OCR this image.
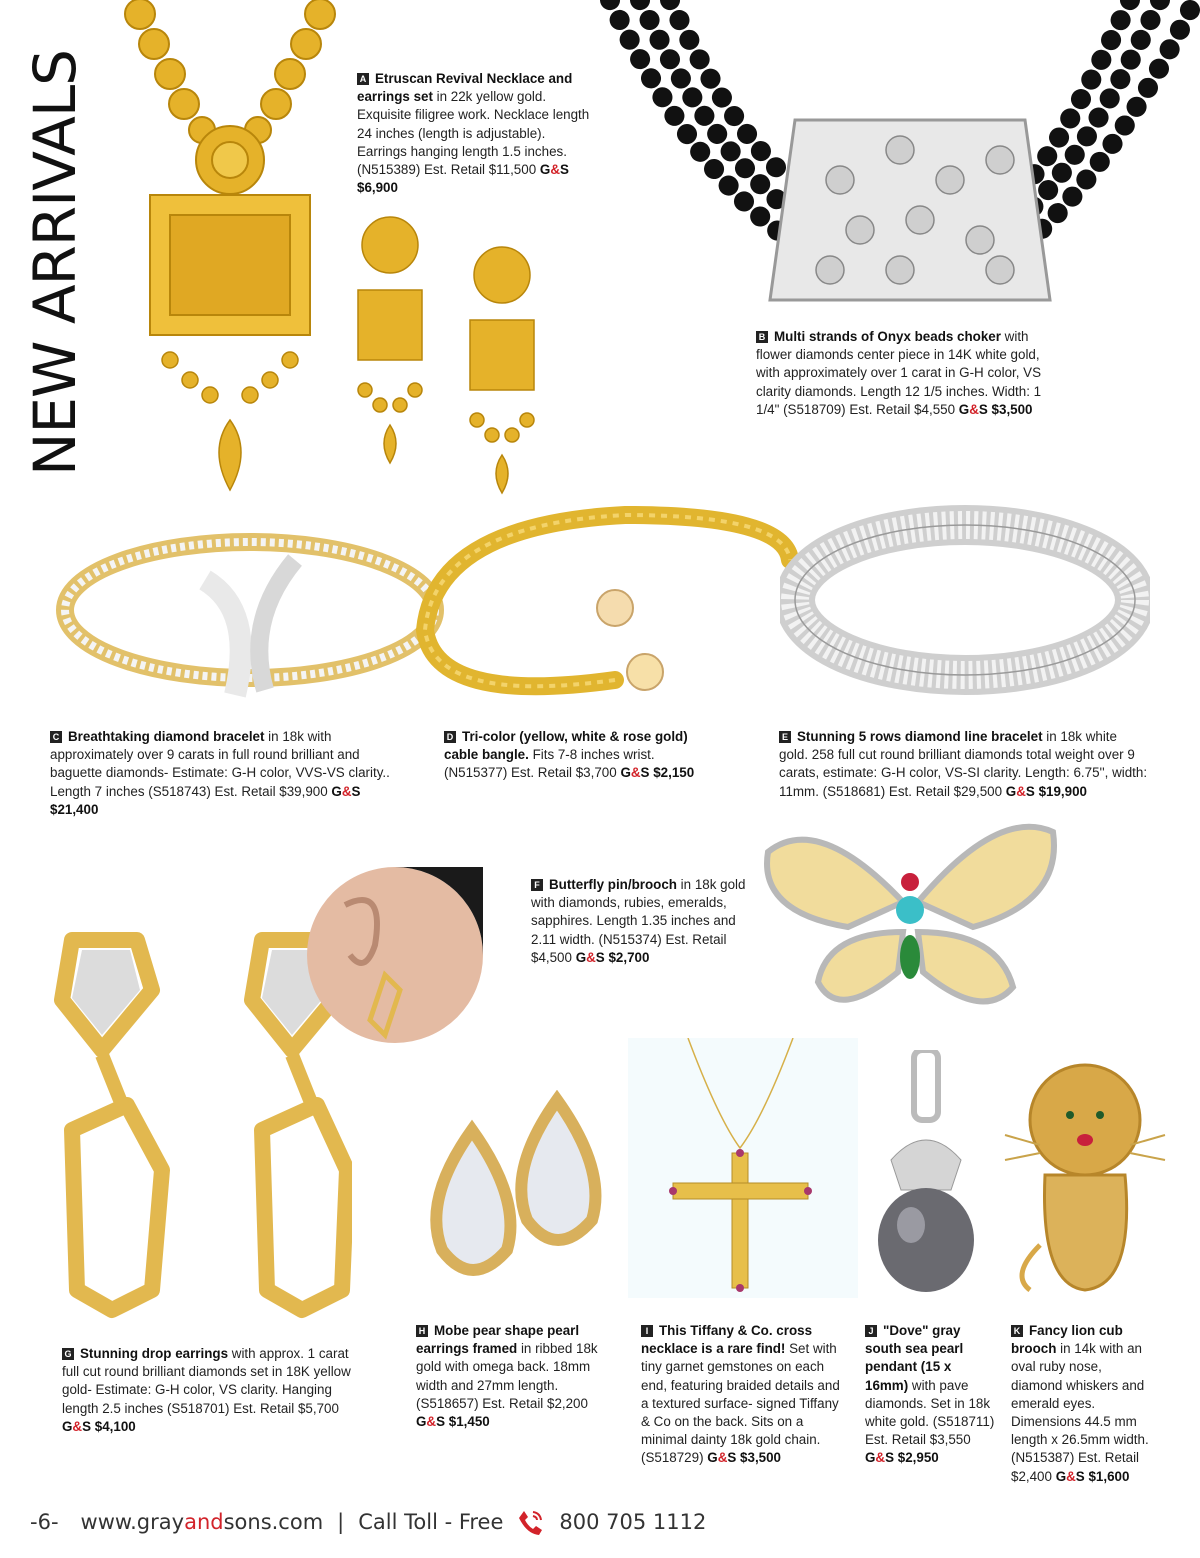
NEW ARRIVALS	A Etruscan Revival Necklace and earrings set in 22k yellow gold. Exquisite filigree work. Necklace length 24 inches (length is adjustable). Earrings hanging length 1.5 inches. (N515389) Est. Retail $11,500 G&S $6,900
B Multi strands of Onyx beads choker with flower diamonds center piece in 14K white gold, with approximately over 1 carat in G-H color, VS clarity diamonds. Length 12 1/5 inches. Width: 1 1/4" (S518709) Est. Retail $4,550 G&S $3,500
C Breathtaking diamond bracelet in 18k with approximately over 9 carats in full round brilliant and baguette diamonds- Estimate: G-H color, VVS-VS clarity.. Length 7 inches (S518743) Est. Retail $39,900 G&S $21,400
D Tri-color (yellow, white & rose gold) cable bangle. Fits 7-8 inches wrist. (N515377) Est. Retail $3,700 G&S $2,150
E Stunning 5 rows diamond line bracelet in 18k white gold. 258 full cut round brilliant diamonds total weight over 9 carats, estimate: G-H color, VS-SI clarity. Length: 6.75'', width: 11mm. (S518681) Est. Retail $29,500 G&S $19,900
F Butterfly pin/brooch in 18k gold with diamonds, rubies, emeralds, sapphires. Length 1.35 inches and 2.11 width. (N515374) Est. Retail $4,500 G&S $2,700
G Stunning drop earrings with approx. 1 carat full cut round brilliant diamonds set in 18K yellow gold- Estimate: G-H color, VS clarity. Hanging length 2.5 inches (S518701) Est. Retail $5,700 G&S $4,100
H Mobe pear shape pearl earrings framed in ribbed 18k gold with omega back. 18mm width and 27mm length. (S518657) Est. Retail $2,200 G&S $1,450
I This Tiffany & Co. cross necklace is a rare find! Set with tiny garnet gemstones on each end, featuring braided details and a textured surface- signed Tiffany & Co on the back. Sits on a minimal dainty 18k gold chain. (S518729) G&S $3,500
J "Dove" gray south sea pearl pendant (15 x 16mm) with pave diamonds. Set in 18k white gold. (S518711) Est. Retail $3,550 G&S $2,950
K Fancy lion cub brooch in 14k with an oval ruby nose, diamond whiskers and emerald eyes. Dimensions 44.5 mm length x 26.5mm width. (N515387) Est. Retail $2,400 G&S $1,600
-6- www.grayandsons.com | Call Toll - Free	800 705 1112
